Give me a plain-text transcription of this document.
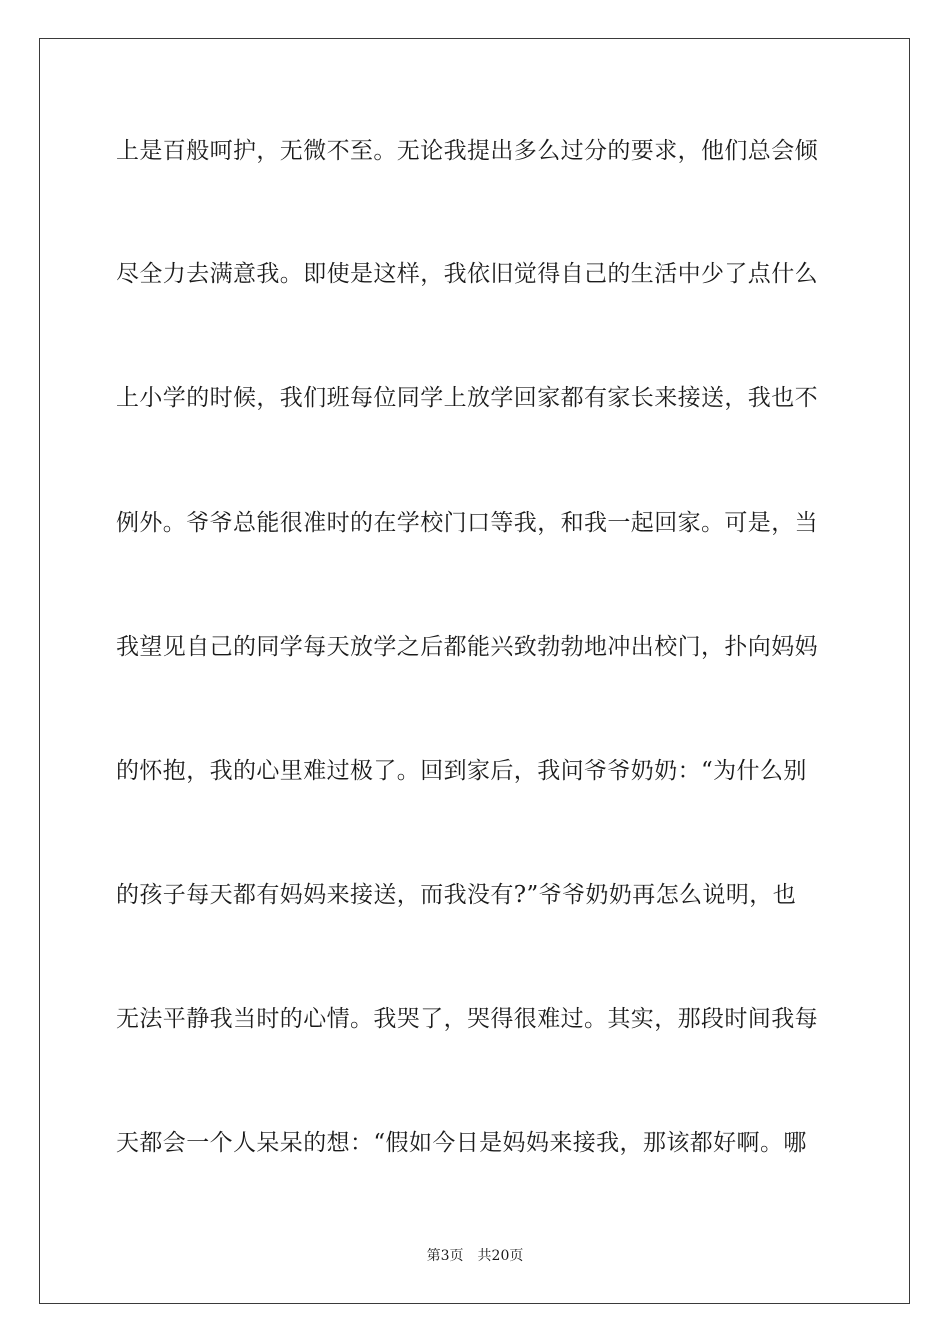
上是百般呵护，无微不至。无论我提出多么过分的要求，他们总会倾
尽全力去满意我。即使是这样，我依旧觉得自己的生活中少了点什么
上小学的时候，我们班每位同学上放学回家都有家长来接送，我也不
例外。爷爷总能很准时的在学校门口等我，和我一起回家。可是，当
我望见自己的同学每天放学之后都能兴致勃勃地冲出校门，扑向妈妈
的怀抱，我的心里难过极了。回到家后，我问爷爷奶奶：“为什么别
的孩子每天都有妈妈来接送，而我没有?”爷爷奶奶再怎么说明，也
无法平静我当时的心情。我哭了，哭得很难过。其实，那段时间我每
天都会一个人呆呆的想：“假如今日是妈妈来接我，那该都好啊。哪
第3页 共20页
